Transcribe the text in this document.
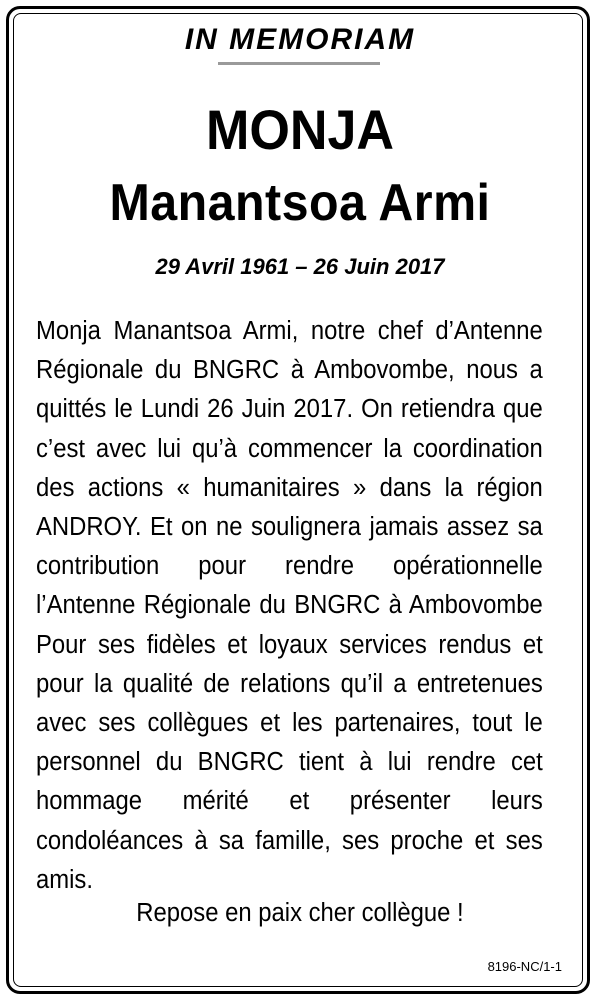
IN MEMORIAM
MONJA
Manantsoa Armi
29 Avril 1961 – 26 Juin 2017

Monja Manantsoa Armi, notre chef d’Antenne Régionale du BNGRC à Ambovombe, nous a quittés le Lundi 26 Juin 2017. On retiendra que c’est avec lui qu’à commencer la coordination des actions « humanitaires » dans la région ANDROY. Et on ne soulignera jamais assez sa contribution pour rendre opérationnelle l’Antenne Régionale du BNGRC à Ambovombe Pour ses fidèles et loyaux services rendus et pour la qualité de relations qu’il a entretenues avec ses collègues et les partenaires, tout le personnel du BNGRC tient à lui rendre cet hommage mérité et présenter leurs condoléances à sa famille, ses proche et ses amis.

Repose en paix cher collègue !
8196-NC/1-1
